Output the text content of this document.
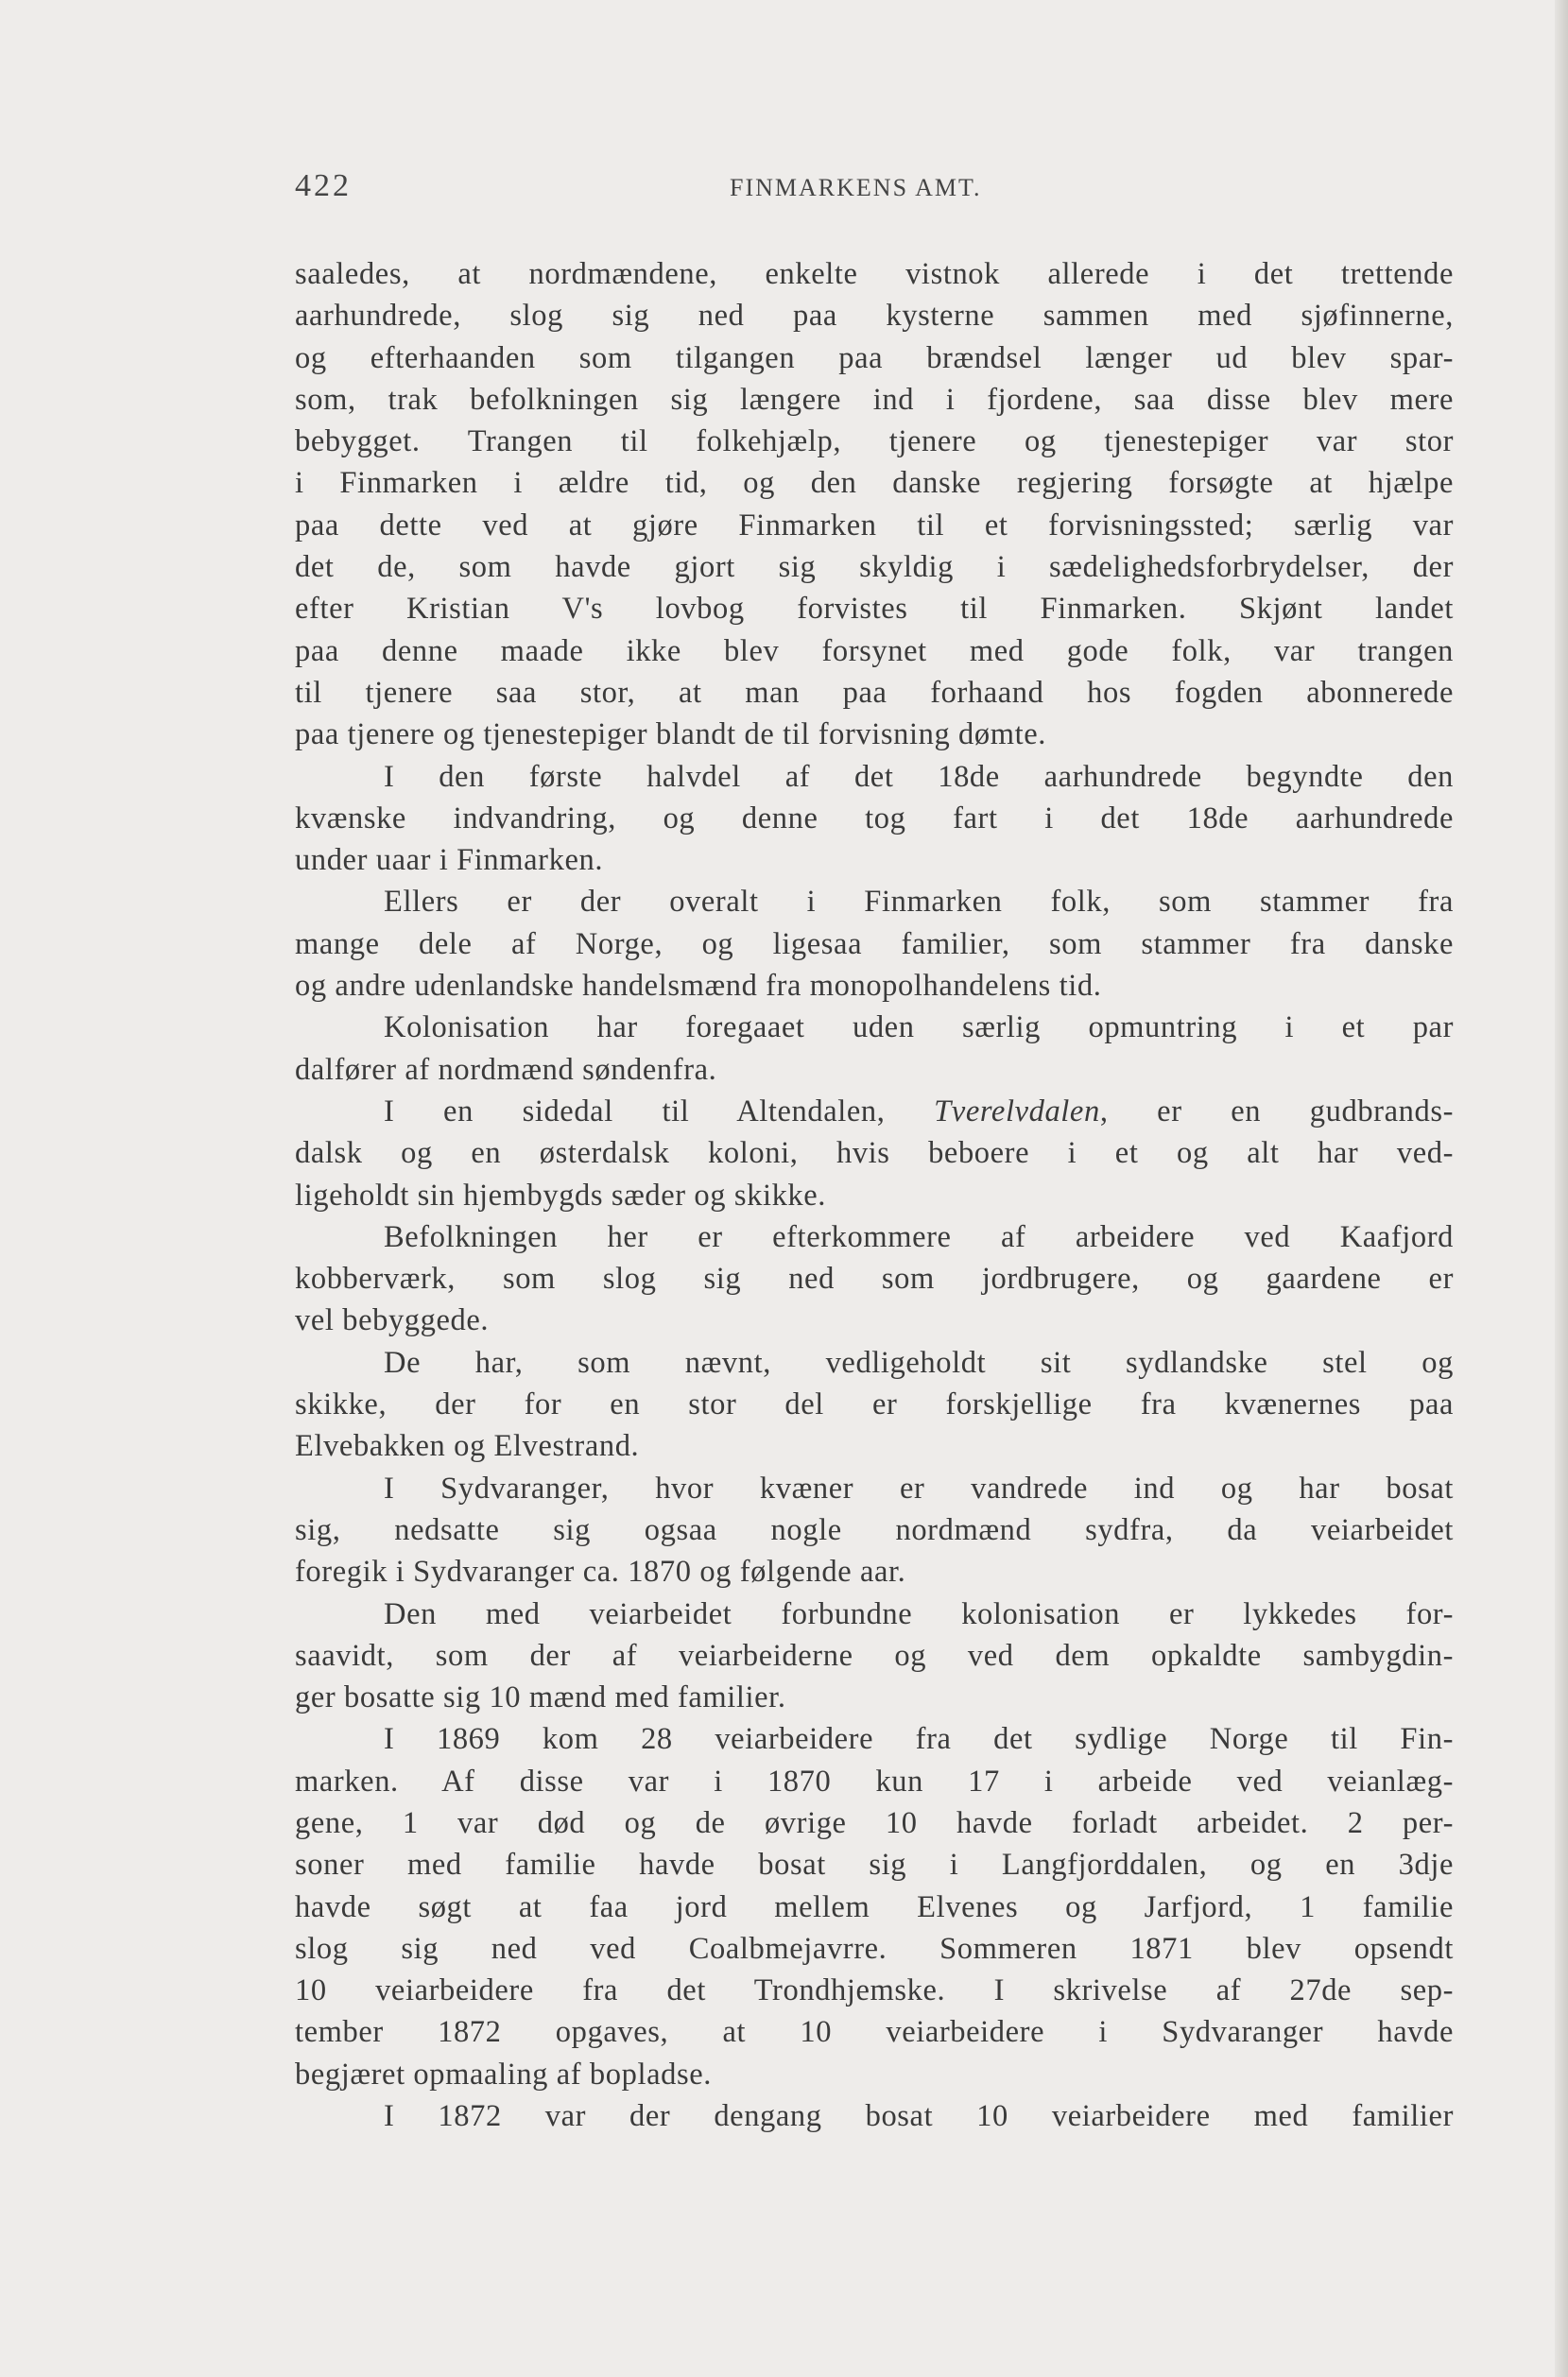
422	FINMARKENS AMT.
saaledes, at nordmændene, enkelte vistnok allerede i det trettende
aarhundrede, slog sig ned paa kysterne sammen med sjøfinnerne,
og efterhaanden som tilgangen paa brændsel længer ud blev spar-
som, trak befolkningen sig længere ind i fjordene, saa disse blev mere
bebygget. Trangen til folkehjælp, tjenere og tjenestepiger var stor
i Finmarken i ældre tid, og den danske regjering forsøgte at hjælpe
paa dette ved at gjøre Finmarken til et forvisningssted; særlig var
det de, som havde gjort sig skyldig i sædelighedsforbrydelser, der
efter Kristian V's lovbog forvistes til Finmarken. Skjønt landet
paa denne maade ikke blev forsynet med gode folk, var trangen
til tjenere saa stor, at man paa forhaand hos fogden abonnerede
paa tjenere og tjenestepiger blandt de til forvisning dømte.
I den første halvdel af det 18de aarhundrede begyndte den
kvænske indvandring, og denne tog fart i det 18de aarhundrede
under uaar i Finmarken.
Ellers er der overalt i Finmarken folk, som stammer fra
mange dele af Norge, og ligesaa familier, som stammer fra danske
og andre udenlandske handelsmænd fra monopolhandelens tid.
Kolonisation har foregaaet uden særlig opmuntring i et par
dalfører af nordmænd søndenfra.
I en sidedal til Altendalen, Tverelvdalen, er en gudbrands-
dalsk og en østerdalsk koloni, hvis beboere i et og alt har ved-
ligeholdt sin hjembygds sæder og skikke.
Befolkningen her er efterkommere af arbeidere ved Kaafjord
kobberværk, som slog sig ned som jordbrugere, og gaardene er
vel bebyggede.
De har, som nævnt, vedligeholdt sit sydlandske stel og
skikke, der for en stor del er forskjellige fra kvænernes paa
Elvebakken og Elvestrand.
I Sydvaranger, hvor kvæner er vandrede ind og har bosat
sig, nedsatte sig ogsaa nogle nordmænd sydfra, da veiarbeidet
foregik i Sydvaranger ca. 1870 og følgende aar.
Den med veiarbeidet forbundne kolonisation er lykkedes for-
saavidt, som der af veiarbeiderne og ved dem opkaldte sambygdin-
ger bosatte sig 10 mænd med familier.
I 1869 kom 28 veiarbeidere fra det sydlige Norge til Fin-
marken. Af disse var i 1870 kun 17 i arbeide ved veianlæg-
gene, 1 var død og de øvrige 10 havde forladt arbeidet. 2 per-
soner med familie havde bosat sig i Langfjorddalen, og en 3dje
havde søgt at faa jord mellem Elvenes og Jarfjord, 1 familie
slog sig ned ved Coalbmejavrre. Sommeren 1871 blev opsendt
10 veiarbeidere fra det Trondhjemske. I skrivelse af 27de sep-
tember 1872 opgaves, at 10 veiarbeidere i Sydvaranger havde
begjæret opmaaling af bopladse.
I 1872 var der dengang bosat 10 veiarbeidere med familier
